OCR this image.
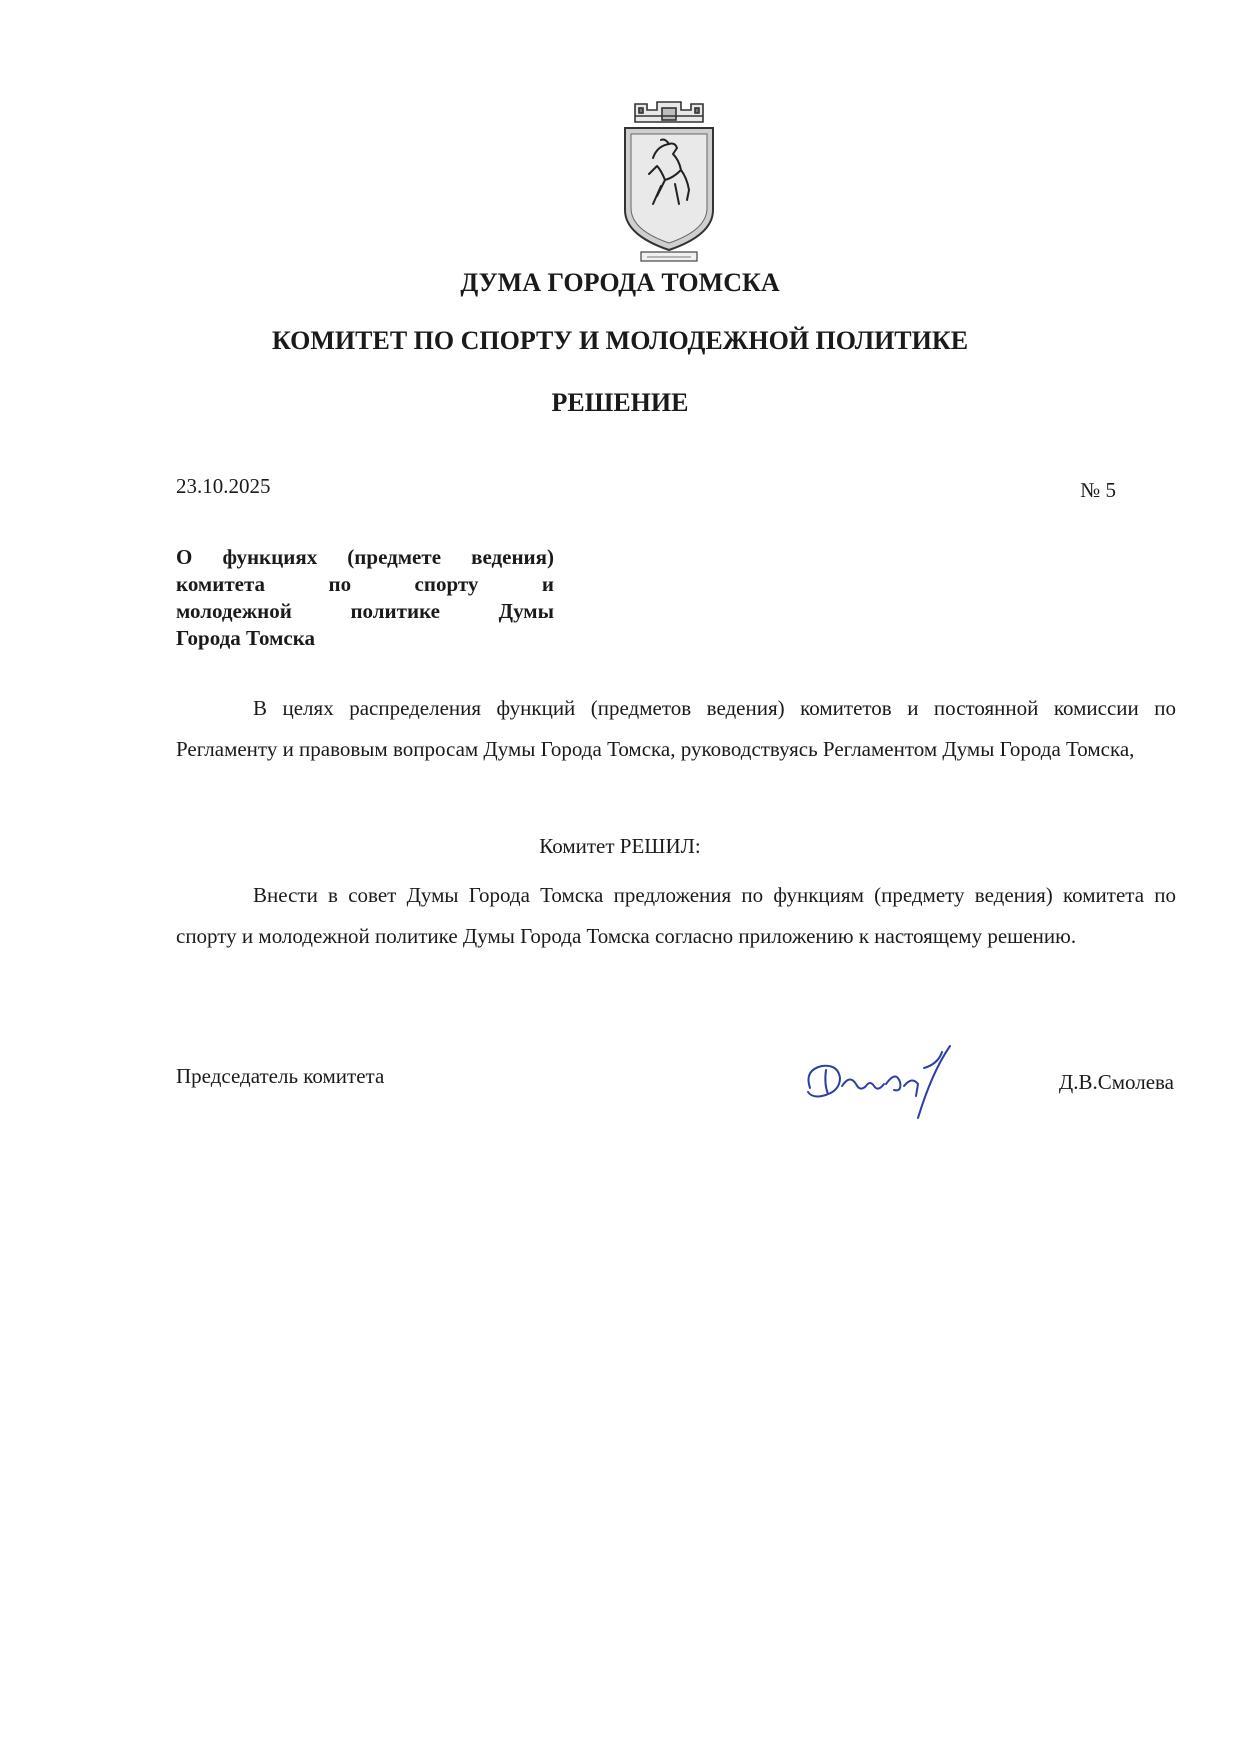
ДУМА ГОРОДА ТОМСКА
КОМИТЕТ ПО СПОРТУ И МОЛОДЕЖНОЙ ПОЛИТИКЕ
РЕШЕНИЕ
23.10.2025	№ 5
О функциях (предмете ведения)
комитета по спорту и
молодежной политике Думы
Города Томска

В целях распределения функций (предметов ведения) комитетов и постоянной комиссии по Регламенту и правовым вопросам Думы Города Томска, руководствуясь Регламентом Думы Города Томска,

Комитет РЕШИЛ:

Внести в совет Думы Города Томска предложения по функциям (предмету ведения) комитета по спорту и молодежной политике Думы Города Томска согласно приложению к настоящему решению.

Председатель комитета	Д.В.Смолева
